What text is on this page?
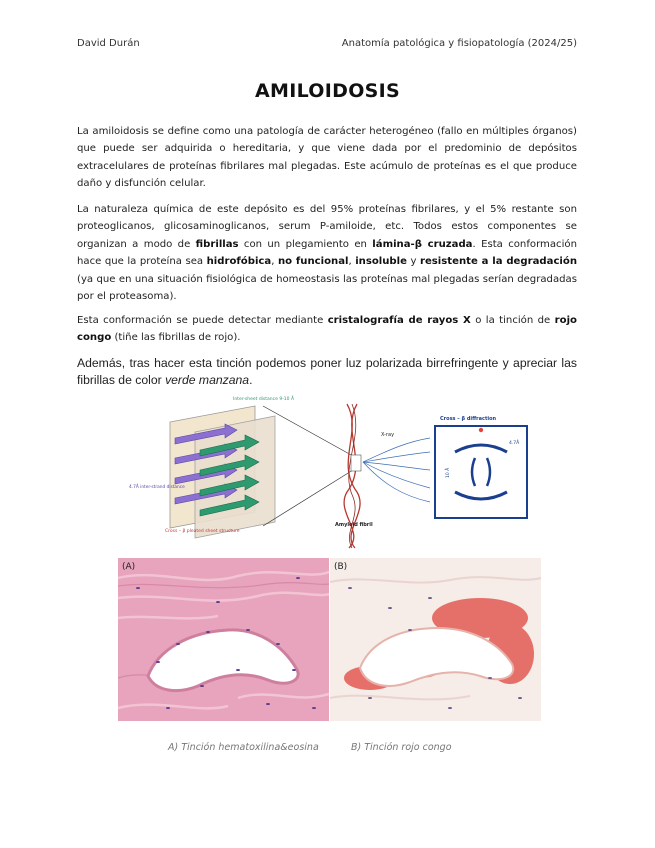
David Durán	Anatomía patológica y fisiopatología (2024/25)
AMILOIDOSIS

La amiloidosis se define como una patología de carácter heterogéneo (fallo en múltiples órganos) que puede ser adquirida o hereditaria, y que viene dada por el predominio de depósitos extracelulares de proteínas fibrilares mal plegadas. Este acúmulo de proteínas es el que produce daño y disfunción celular.

La naturaleza química de este depósito es del 95% proteínas fibrilares, y el 5% restante son proteoglicanos, glicosaminoglicanos, serum P-amiloide, etc. Todos estos componentes se organizan a modo de fibrillas con un plegamiento en lámina-β cruzada. Esta conformación hace que la proteína sea hidrofóbica, no funcional, insoluble y resistente a la degradación (ya que en una situación fisiológica de homeostasis las proteínas mal plegadas serían degradadas por el proteasoma).

Esta conformación se puede detectar mediante cristalografía de rayos X o la tinción de rojo congo (tiñe las fibrillas de rojo).

Además, tras hacer esta tinción podemos poner luz polarizada birrefringente y apreciar las fibrillas de color verde manzana.

Inter-sheet distance 9-10 Å
4.7Å inter-strand distance
Cross – β pleated sheet structure
Amyloid fibril
X-ray
Cross – β diffraction
4.7Å
10 Å
(A)	(B)
A) Tinción hematoxilina&eosina	B) Tinción rojo congo
